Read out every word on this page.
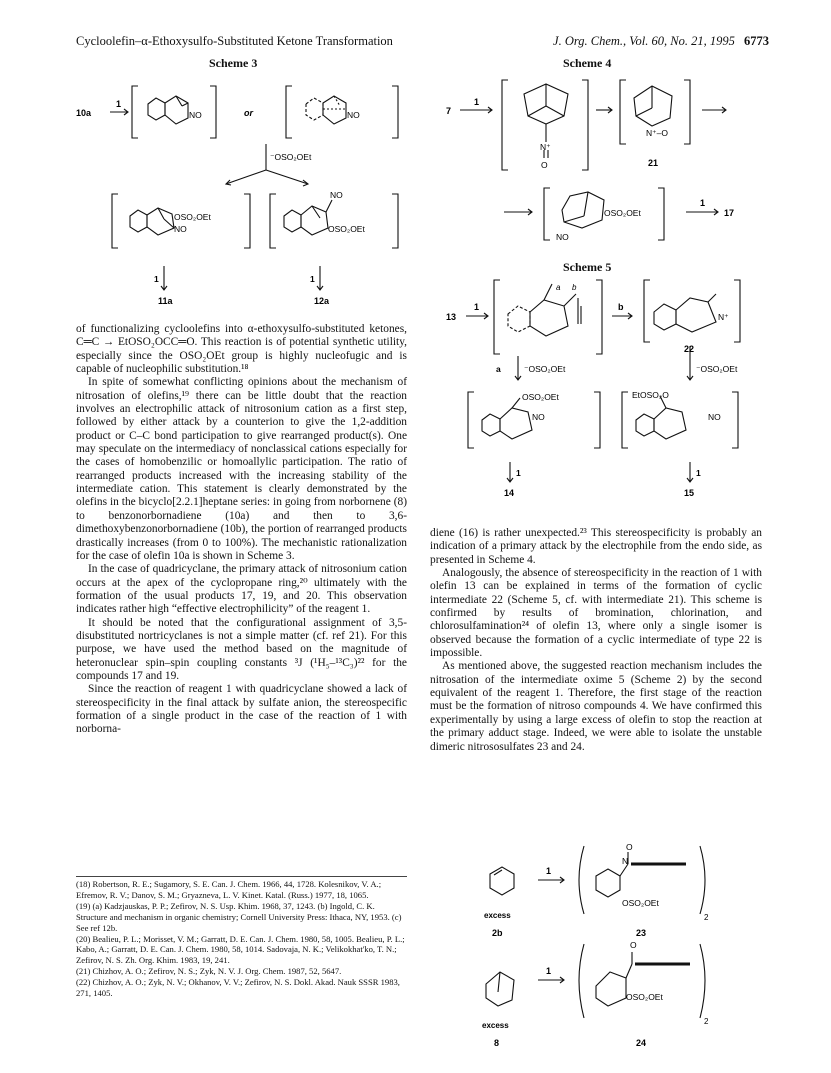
Cycloolefin–α-Ethoxysulfo-Substituted Ketone Transformation	J. Org. Chem., Vol. 60, No. 21, 1995 6773
Scheme 3	Scheme 4
Scheme 5
10a
1
NO	or	NO
⁻OSO₂OEt
OSO₂OEt
NO
NO
OSO₂OEt
1	1
11a	12a
7
1
N⁺
O
N⁺–O
21
OSO₂OEt
NO
1
17
13
1
a b
b
N⁺
22
a	⁻OSO₂OEt	⁻OSO₂OEt
OSO₂OEt
NO
EtOSO₂O
NO
1	1
14	15

of functionalizing cycloolefins into α-ethoxysulfo-substituted ketones, C═C → EtOSO₂OCC═O. This reaction is of potential synthetic utility, especially since the OSO₂OEt group is highly nucleofugic and is capable of nucleophilic substitution.¹⁸

In spite of somewhat conflicting opinions about the mechanism of nitrosation of olefins,¹⁹ there can be little doubt that the reaction involves an electrophilic attack of nitrosonium cation as a first step, followed by either attack by a counterion to give the 1,2-addition product or C–C bond participation to give rearranged product(s). One may speculate on the intermediacy of nonclassical cations especially for the cases of homobenzilic or homoallylic participation. The ratio of rearranged products increased with the increasing stability of the intermediate cation. This statement is clearly demonstrated by the olefins in the bicyclo[2.2.1]heptane series: in going from norbornene (8) to benzonorbornadiene (10a) and then to 3,6-dimethoxybenzonorbornadiene (10b), the portion of rearranged products drastically increases (from 0 to 100%). The mechanistic rationalization for the case of olefin 10a is shown in Scheme 3.

In the case of quadricyclane, the primary attack of nitrosonium cation occurs at the apex of the cyclopropane ring,²⁰ ultimately with the formation of the usual products 17, 19, and 20. This observation indicates rather high “effective electrophilicity” of the reagent 1.

It should be noted that the configurational assignment of 3,5-disubstituted nortricyclanes is not a simple matter (cf. ref 21). For this purpose, we have used the method based on the magnitude of heteronuclear spin–spin coupling constants ³J (¹H₅–¹³C₃)²² for the compounds 17 and 19.

Since the reaction of reagent 1 with quadricyclane showed a lack of stereospecificity in the final attack by sulfate anion, the stereospecific formation of a single product in the case of the reaction of 1 with norborna-

diene (16) is rather unexpected.²³ This stereospecificity is probably an indication of a primary attack by the electrophile from the endo side, as presented in Scheme 4.

Analogously, the absence of stereospecificity in the reaction of 1 with olefin 13 can be explained in terms of the formation of cyclic intermediate 22 (Scheme 5, cf. with intermediate 21). This scheme is confirmed by results of bromination, chlorination, and chlorosulfamination²⁴ of olefin 13, where only a single isomer is observed because the formation of a cyclic intermediate of type 22 is impossible.

As mentioned above, the suggested reaction mechanism includes the nitrosation of the intermediate oxime 5 (Scheme 2) by the second equivalent of the reagent 1. Therefore, the first stage of the reaction must be the formation of nitroso compounds 4. We have confirmed this experimentally by using a large excess of olefin to stop the reaction at the primary adduct stage. Indeed, we were able to isolate the unstable dimeric nitrososulfates 23 and 24.

O
N
OSO₂OEt
2
1
excess
2b	23
O
OSO₂OEt
2
1
excess
8	24
(18) Robertson, R. E.; Sugamory, S. E. Can. J. Chem. 1966, 44, 1728. Kolesnikov, V. A.; Efremov, R. V.; Danov, S. M.; Gryazneva, L. V. Kinet. Katal. (Russ.) 1977, 18, 1065.
(19) (a) Kadzjauskas, P. P.; Zefirov, N. S. Usp. Khim. 1968, 37, 1243. (b) Ingold, C. K. Structure and mechanism in organic chemistry; Cornell University Press: Ithaca, NY, 1953. (c) See ref 12b.
(20) Bealieu, P. L.; Morisset, V. M.; Garratt, D. E. Can. J. Chem. 1980, 58, 1005. Bealieu, P. L.; Kabo, A.; Garratt, D. E. Can. J. Chem. 1980, 58, 1014. Sadovaja, N. K.; Velikokhat'ko, T. N.; Zefirov, N. S. Zh. Org. Khim. 1983, 19, 241.
(21) Chizhov, A. O.; Zefirov, N. S.; Zyk, N. V. J. Org. Chem. 1987, 52, 5647.
(22) Chizhov, A. O.; Zyk, N. V.; Okhanov, V. V.; Zefirov, N. S. Dokl. Akad. Nauk SSSR 1983, 271, 1405.
